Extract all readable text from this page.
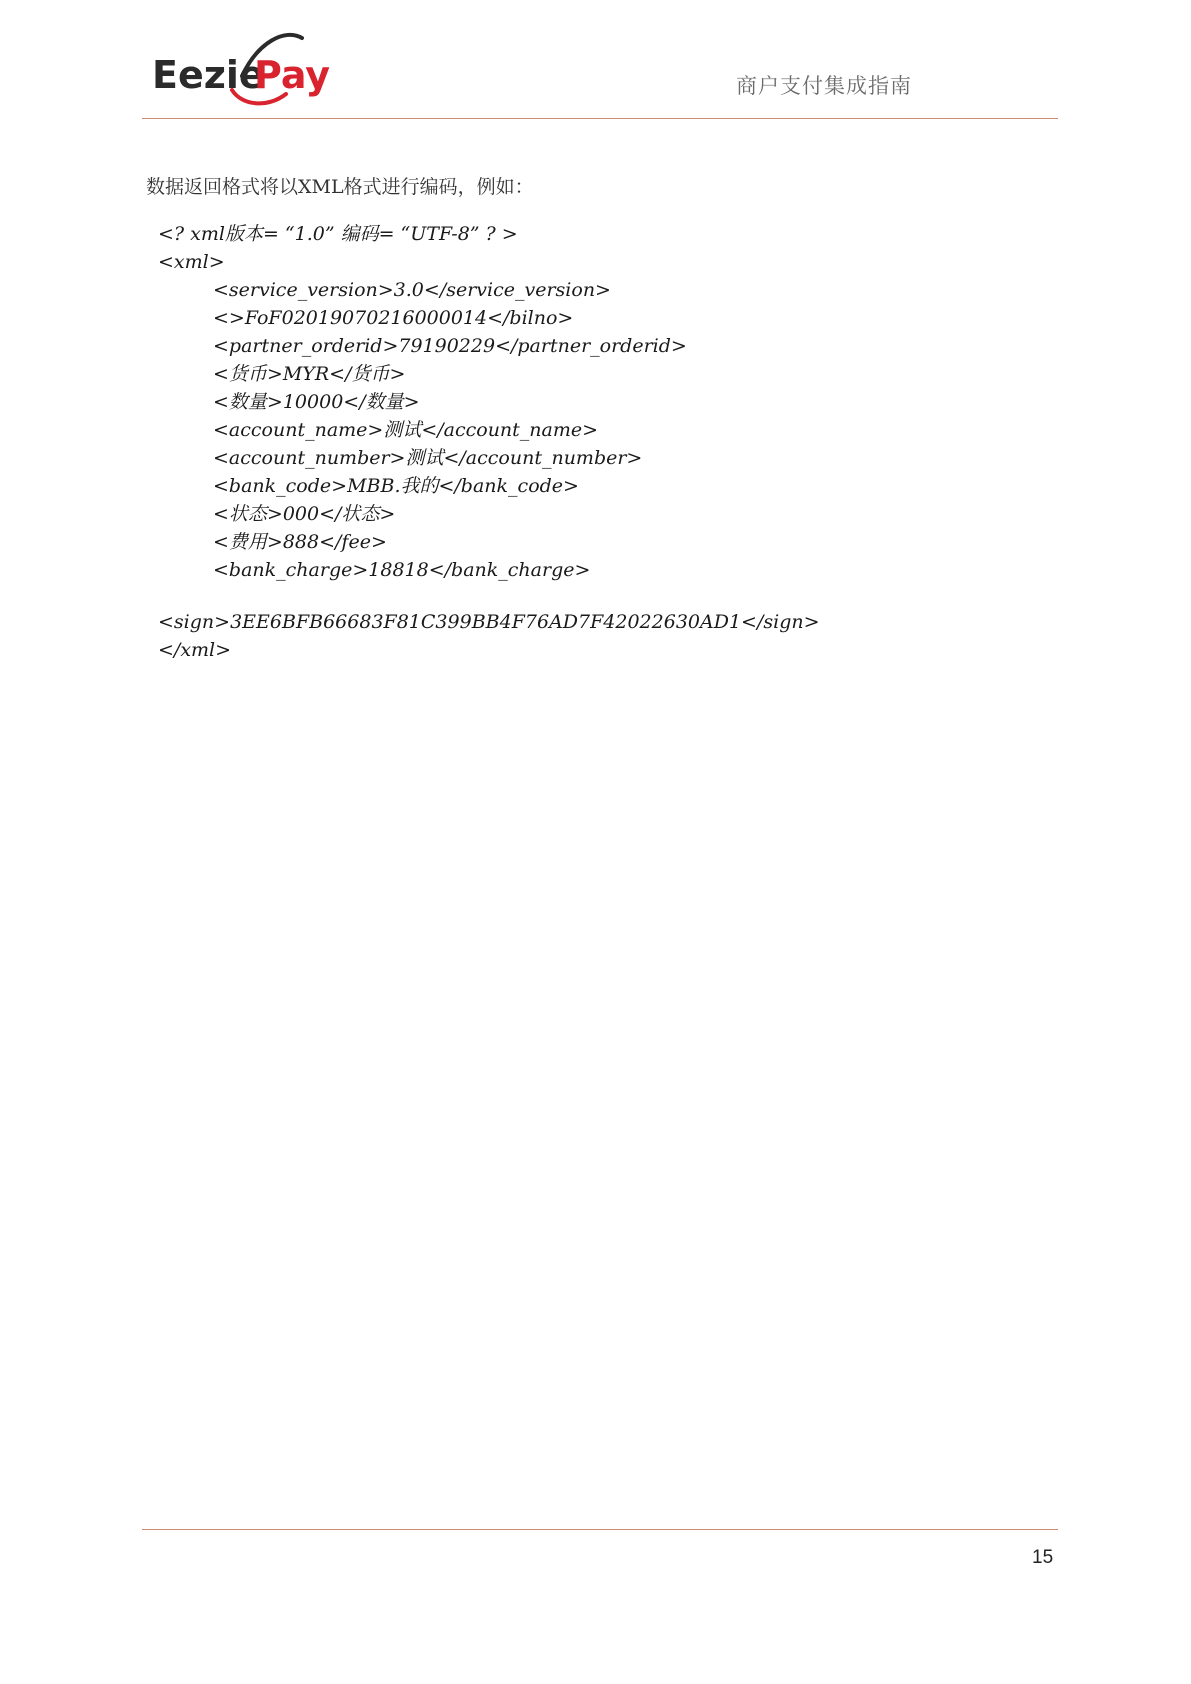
Eezie
Pay	商户支付集成指南
数据返回格式将以XML格式进行编码，例如：
<? xml版本= “1.0” 编码= “UTF-8” ? >
<xml>
<service_version>3.0</service_version>
<>FoF02019070216000014</bilno>
<partner_orderid>79190229</partner_orderid>
<货币>MYR</货币>
<数量>10000</数量>
<account_name>测试</account_name>
<account_number>测试</account_number>
<bank_code>MBB.我的</bank_code>
<状态>000</状态>
<费用>888</fee>
<bank_charge>18818</bank_charge>
<sign>3EE6BFB66683F81C399BB4F76AD7F42022630AD1</sign>
</xml>
15
